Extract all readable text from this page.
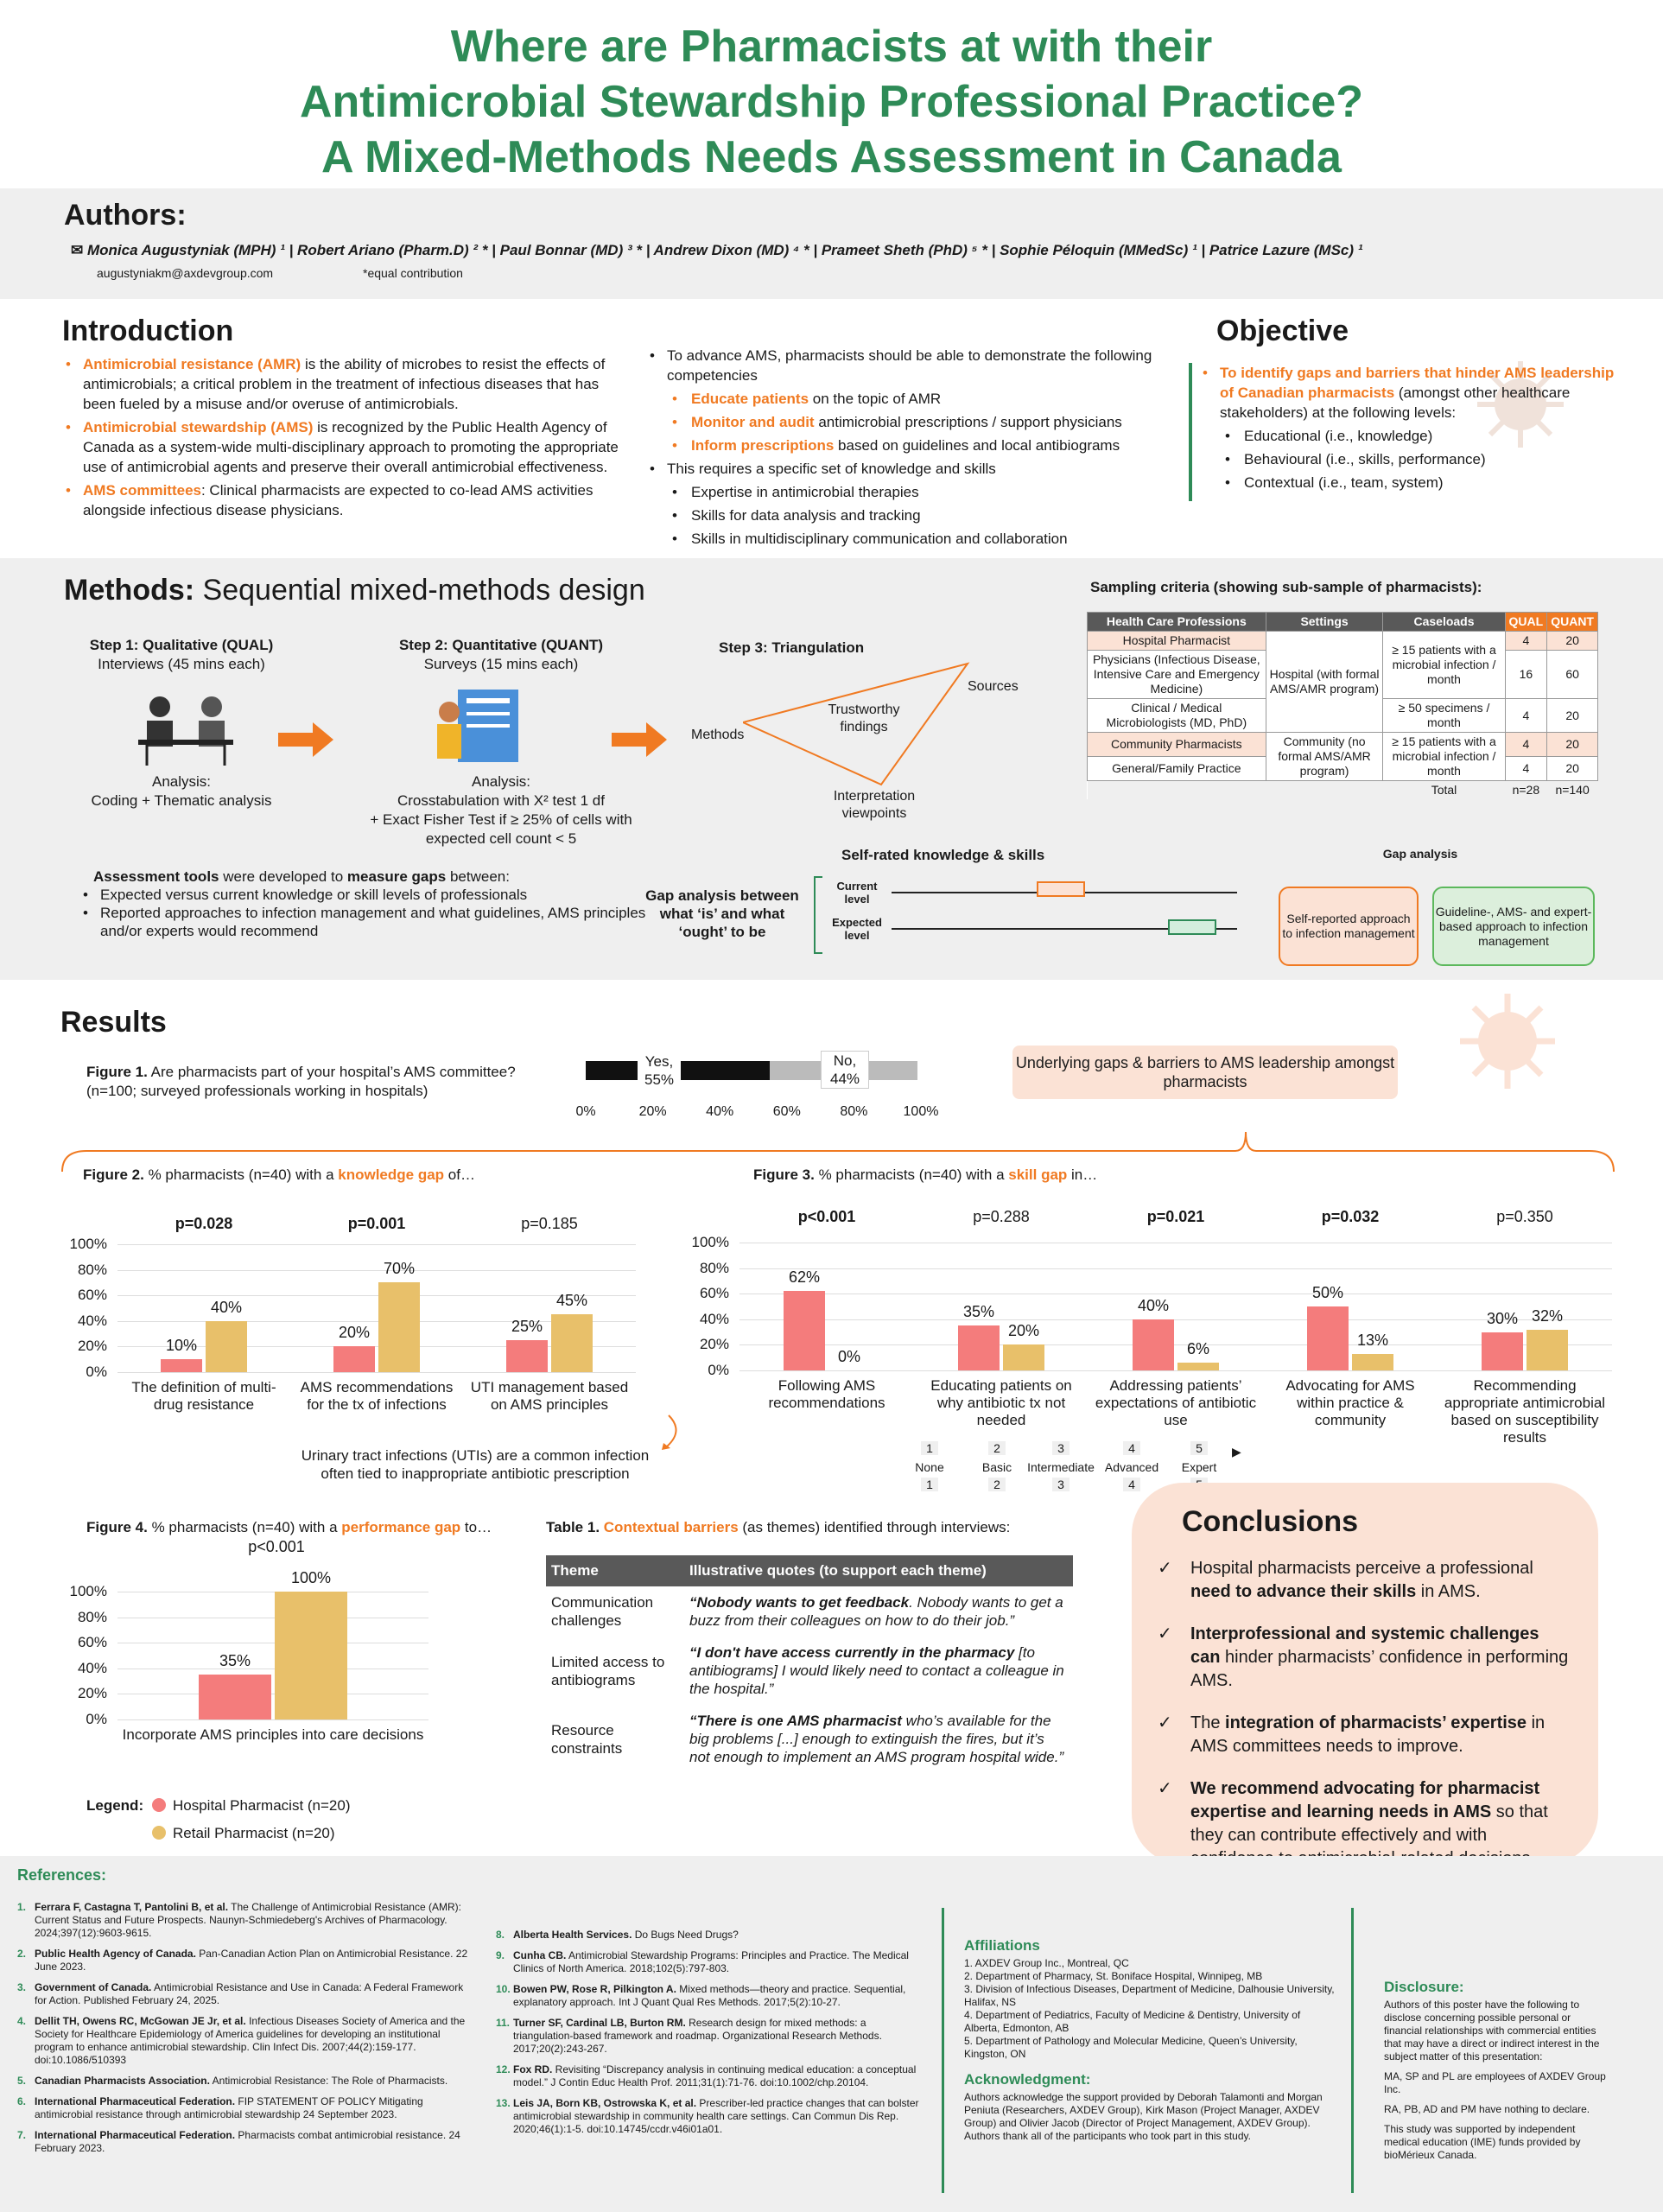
Where are Pharmacists at with their
Antimicrobial Stewardship Professional Practice?
A Mixed-Methods Needs Assessment in Canada
Authors:
✉ Monica Augustyniak (MPH) ¹ | Robert Ariano (Pharm.D) ² * | Paul Bonnar (MD) ³ * | Andrew Dixon (MD) ⁴ * | Prameet Sheth (PhD) ⁵ * | Sophie Péloquin (MMedSc) ¹ | Patrice Lazure (MSc) ¹
augustyniakm@axdevgroup.com	*equal contribution
Introduction
• Antimicrobial resistance (AMR) is the ability of microbes to resist the effects of antimicrobials; a critical problem in the treatment of infectious diseases that has been fueled by a misuse and/or overuse of antimicrobials.
• Antimicrobial stewardship (AMS) is recognized by the Public Health Agency of Canada as a system-wide multi-disciplinary approach to promoting the appropriate use of antimicrobial agents and preserve their overall antimicrobial effectiveness.
• AMS committees: Clinical pharmacists are expected to co-lead AMS activities alongside infectious disease physicians.
• To advance AMS, pharmacists should be able to demonstrate the following competencies
• Educate patients on the topic of AMR
• Monitor and audit antimicrobial prescriptions / support physicians
• Inform prescriptions based on guidelines and local antibiograms
• This requires a specific set of knowledge and skills
• Expertise in antimicrobial therapies
• Skills for data analysis and tracking
• Skills in multidisciplinary communication and collaboration
Objective
• To identify gaps and barriers that hinder AMS leadership of Canadian pharmacists (amongst other healthcare stakeholders) at the following levels:
• Educational (i.e., knowledge)
• Behavioural (i.e., skills, performance)
• Contextual (i.e., team, system)
Methods: Sequential mixed-methods design
Step 1: Qualitative (QUAL)
Interviews (45 mins each)
Analysis:
Coding + Thematic analysis
Step 2: Quantitative (QUANT)
Surveys (15 mins each)
Analysis:
Crosstabulation with X² test 1 df
+ Exact Fisher Test if ≥ 25% of cells with
expected cell count < 5
Step 3: Triangulation
Trustworthy findings
Sources
Methods
Interpretation viewpoints
Assessment tools were developed to measure gaps between:
• Expected versus current knowledge or skill levels of professionals
• Reported approaches to infection management and what guidelines, AMS principles and/or experts would recommend
Gap analysis between what ‘is’ and what ‘ought’ to be
Self-rated knowledge & skills
Current level
Expected level
1
1
None
2
2
Basic
3
3
Intermediate
4
4
Advanced
5
Expert
▶
Gap analysis
Self-reported approach to infection management
Guideline-, AMS- and expert-based approach to infection management
Sampling criteria (showing sub-sample of pharmacists):
Health Care Professions	Settings	Caseloads	QUAL	QUANT
Hospital Pharmacist	Hospital (with formal AMS/AMR program)	≥ 15 patients with a microbial infection / month	4	20
Physicians (Infectious Disease, Intensive Care and Emergency Medicine)			16	60
Clinical / Medical Microbiologists (MD, PhD)		≥ 50 specimens / month	4	20
Community Pharmacists	Community (no formal AMS/AMR program)	≥ 15 patients with a microbial infection / month	4	20
General/Family Practice			4	20
		Total	n=28	n=140
Results
Figure 1. Are pharmacists part of your hospital’s AMS committee?
(n=100; surveyed professionals working in hospitals)
Yes,
55%
No,
44%
0%	20%	40%	60%	80%	100%
Underlying gaps & barriers to AMS leadership amongst pharmacists
Figure 2. % pharmacists (n=40) with a knowledge gap of…
0%
20%
40%
60%
80%
100%
10%
40%
The definition of multi-drug resistance
p=0.028
20%
70%
AMS recommendations for the tx of infections
p=0.001
25%
45%
UTI management based on AMS principles
p=0.185
Urinary tract infections (UTIs) are a common infection often tied to inappropriate antibiotic prescription
Figure 3. % pharmacists (n=40) with a skill gap in…
0%
20%
40%
60%
80%
100%
62%
0%
Following AMS recommendations
p<0.001
35%
20%
Educating patients on why antibiotic tx not needed
p=0.288
40%
6%
Addressing patients’ expectations of antibiotic use
p=0.021
50%
13%
Advocating for AMS within practice & community
p=0.032
30% 32%
Recommending appropriate antimicrobial based on susceptibility results
p=0.350
Figure 4. % pharmacists (n=40) with a performance gap to…
p<0.001
0%
20%
40%
60%
80%
100%
35%
100%
Incorporate AMS principles into care decisions
Legend:	Hospital Pharmacist (n=20)
Retail Pharmacist (n=20)
Table 1. Contextual barriers (as themes) identified through interviews:
Theme	Illustrative quotes (to support each theme)
Communication challenges	“Nobody wants to get feedback. Nobody wants to get a buzz from their colleagues on how to do their job.”
Limited access to antibiograms	“I don't have access currently in the pharmacy [to antibiograms] I would likely need to contact a colleague in the hospital.”
Resource constraints	“There is one AMS pharmacist who’s available for the big problems [...] enough to extinguish the fires, but it’s not enough to implement an AMS program hospital wide.”
Conclusions
✓ Hospital pharmacists perceive a professional need to advance their skills in AMS.
✓ Interprofessional and systemic challenges can hinder pharmacists’ confidence in performing AMS.
✓ The integration of pharmacists’ expertise in AMS committees needs to improve.
✓ We recommend advocating for pharmacist expertise and learning needs in AMS so that they can contribute effectively and with
References:
1. Ferrara F, Castagna T, Pantolini B, et al. The Challenge of Antimicrobial Resistance (AMR): Current Status and Future Prospects. Naunyn-Schmiedeberg's Archives of Pharmacology. 2024;397(12):9603-9615.
2. Public Health Agency of Canada. Pan-Canadian Action Plan on Antimicrobial Resistance. 22 June 2023.
3. Government of Canada. Antimicrobial Resistance and Use in Canada: A Federal Framework for Action. Published February 24, 2025.
4. Dellit TH, Owens RC, McGowan JE Jr, et al. Infectious Diseases Society of America and the Society for Healthcare Epidemiology of America guidelines for developing an institutional program to enhance antimicrobial stewardship. Clin Infect Dis. 2007;44(2):159-177. doi:10.1086/510393
5. Canadian Pharmacists Association. Antimicrobial Resistance: The Role of Pharmacists.
6. International Pharmaceutical Federation. FIP STATEMENT OF POLICY Mitigating antimicrobial resistance through antimicrobial stewardship 24 September 2023.
7. International Pharmaceutical Federation. Pharmacists combat antimicrobial resistance. 24 February 2023.
8. Alberta Health Services. Do Bugs Need Drugs?
9. Cunha CB. Antimicrobial Stewardship Programs: Principles and Practice. The Medical Clinics of North America. 2018;102(5):797-803.
10. Bowen PW, Rose R, Pilkington A. Mixed methods—theory and practice. Sequential, explanatory approach. Int J Quant Qual Res Methods. 2017;5(2):10-27.
11. Turner SF, Cardinal LB, Burton RM. Research design for mixed methods: a triangulation-based framework and roadmap. Organizational Research Methods. 2017;20(2):243-267.
12. Fox RD. Revisiting “Discrepancy analysis in continuing medical education: a conceptual model.” J Contin Educ Health Prof. 2011;31(1):71-76. doi:10.1002/chp.20104.
13. Leis JA, Born KB, Ostrowska K, et al. Prescriber-led practice changes that can bolster antimicrobial stewardship in community health care settings. Can Commun Dis Rep. 2020;46(1):1-5. doi:10.14745/ccdr.v46i01a01.
Affiliations
1. AXDEV Group Inc., Montreal, QC
2. Department of Pharmacy, St. Boniface Hospital, Winnipeg, MB
3. Division of Infectious Diseases, Department of Medicine, Dalhousie University, Halifax, NS
4. Department of Pediatrics, Faculty of Medicine & Dentistry, University of Alberta, Edmonton, AB
5. Department of Pathology and Molecular Medicine, Queen’s University, Kingston, ON
Acknowledgment:
Authors acknowledge the support provided by Deborah Talamonti and Morgan Peniuta (Researchers, AXDEV Group), Kirk Mason (Project Manager, AXDEV Group) and Olivier Jacob (Director of Project Management, AXDEV Group). Authors thank all of the participants who took part in this study.
Disclosure:
Authors of this poster have the following to disclose concerning possible personal or financial relationships with commercial entities that may have a direct or indirect interest in the subject matter of this presentation:
MA, SP and PL are employees of AXDEV Group Inc.
RA, PB, AD and PM have nothing to declare.
This study was supported by independent medical education (IME) funds provided by bioMérieux Canada.
